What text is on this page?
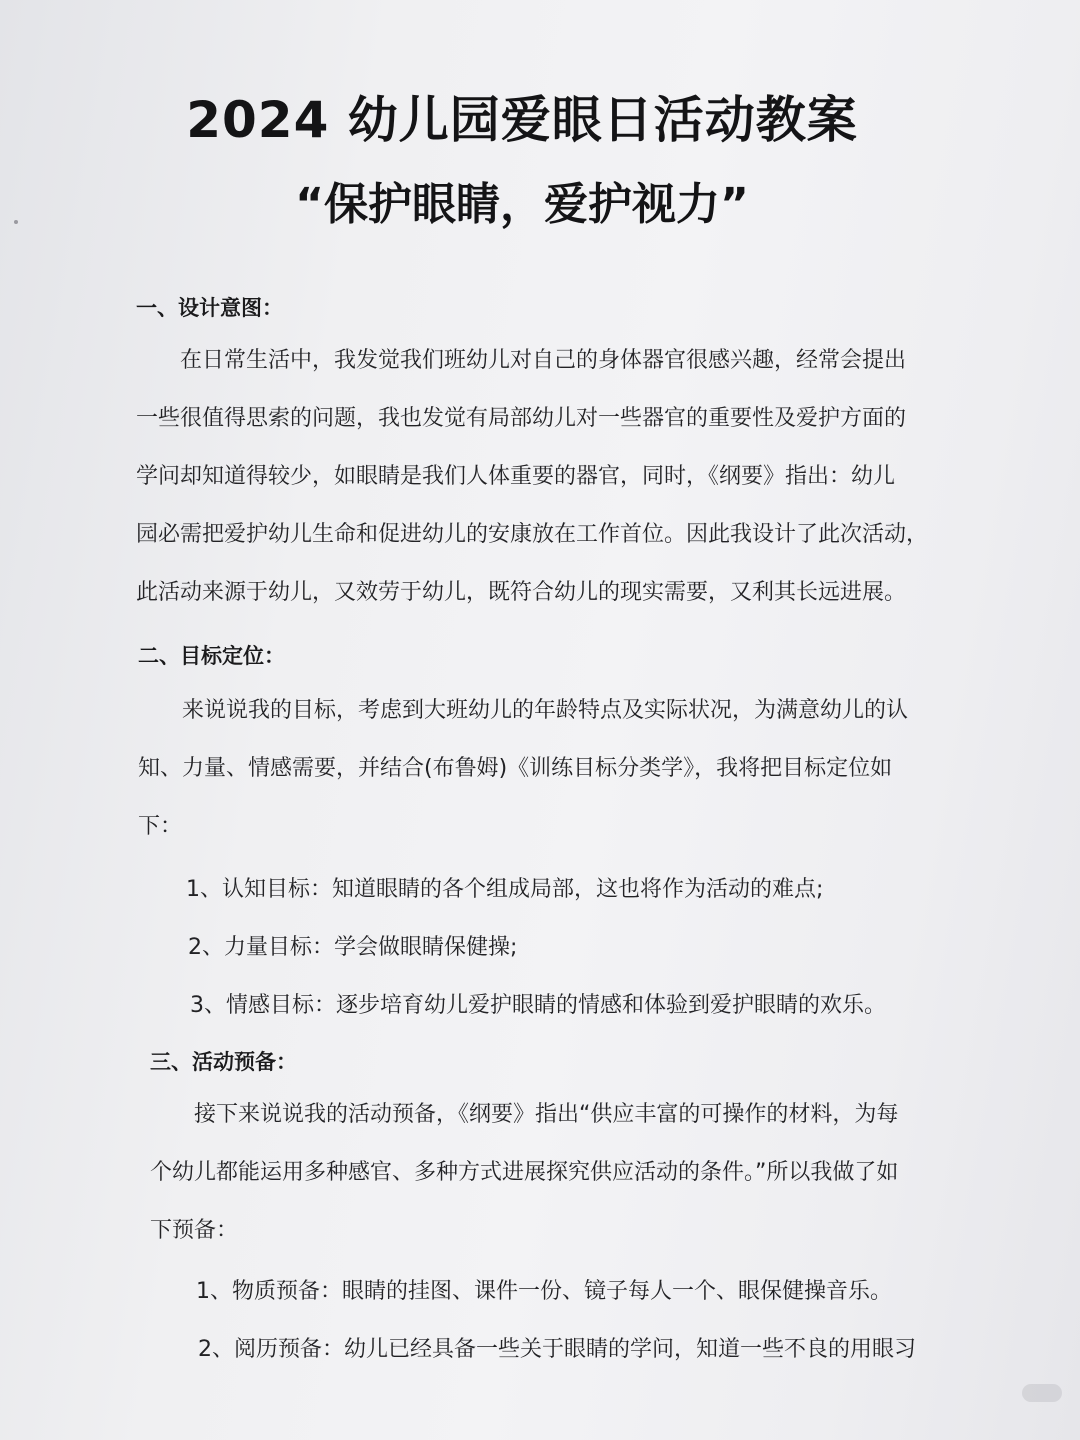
2024 幼儿园爱眼日活动教案
“保护眼睛，爱护视力”
一、设计意图：
在日常生活中，我发觉我们班幼儿对自己的身体器官很感兴趣，经常会提出
一些很值得思索的问题，我也发觉有局部幼儿对一些器官的重要性及爱护方面的
学问却知道得较少，如眼睛是我们人体重要的器官，同时，《纲要》指出：幼儿
园必需把爱护幼儿生命和促进幼儿的安康放在工作首位。因此我设计了此次活动，
此活动来源于幼儿，又效劳于幼儿，既符合幼儿的现实需要，又利其长远进展。
二、目标定位：
来说说我的目标，考虑到大班幼儿的年龄特点及实际状况，为满意幼儿的认
知、力量、情感需要，并结合(布鲁姆)《训练目标分类学》，我将把目标定位如
下：

1、认知目标：知道眼睛的各个组成局部，这也将作为活动的难点;

2、力量目标：学会做眼睛保健操;

3、情感目标：逐步培育幼儿爱护眼睛的情感和体验到爱护眼睛的欢乐。

三、活动预备：
接下来说说我的活动预备，《纲要》指出“供应丰富的可操作的材料，为每
个幼儿都能运用多种感官、多种方式进展探究供应活动的条件。”所以我做了如
下预备：

1、物质预备：眼睛的挂图、课件一份、镜子每人一个、眼保健操音乐。

2、阅历预备：幼儿已经具备一些关于眼睛的学问，知道一些不良的用眼习
